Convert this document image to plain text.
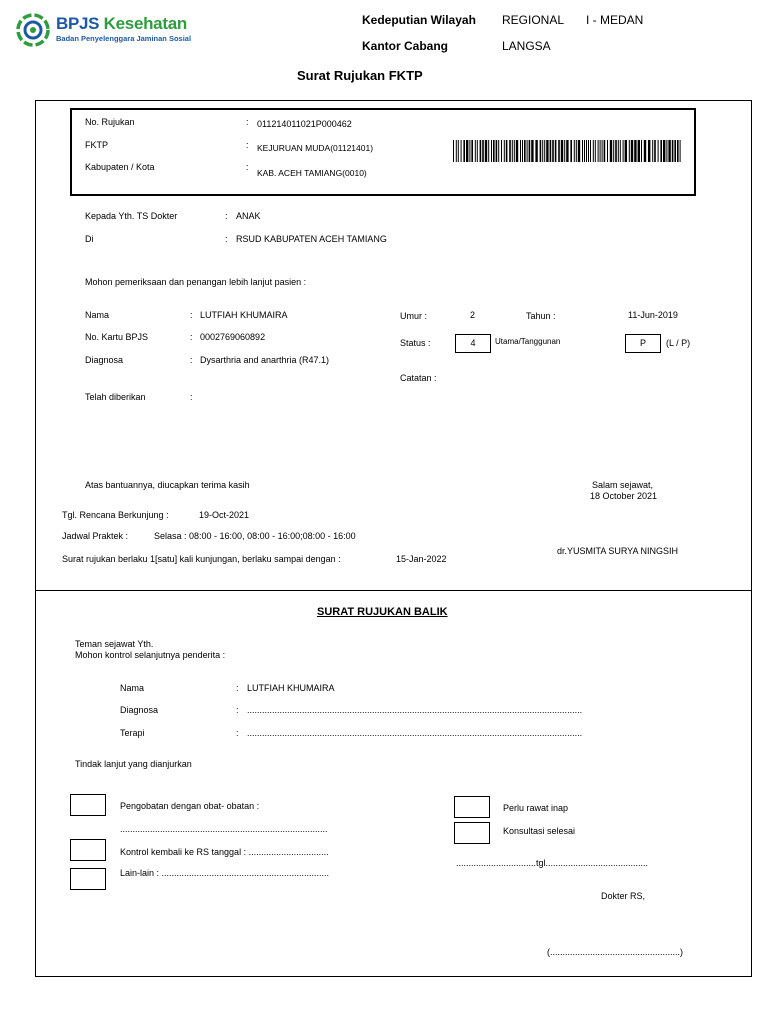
BPJS Kesehatan
Badan Penyelenggara Jaminan Sosial
Kedeputian Wilayah REGIONAL I - MEDAN
Kantor Cabang	LANGSA
Surat Rujukan FKTP
No. Rujukan	: 011214011021P000462
FKTP	: KEJURUAN MUDA(01121401)
Kabupaten / Kota	:
KAB. ACEH TAMIANG(0010)
Kepada Yth. TS Dokter	: ANAK
Di	: RSUD KABUPATEN ACEH TAMIANG
Mohon pemeriksaan dan penangan lebih lanjut pasien :
Nama	: LUTFIAH KHUMAIRA
No. Kartu BPJS	: 0002769060892
Diagnosa	: Dysarthria and anarthria (R47.1)
Telah diberikan	:
Umur :	2	Tahun :	11-Jun-2019
Status :	4	Utama/Tanggunan	P	(L / P)
Catatan :
Atas bantuannya, diucapkan terima kasih	Salam sejawat,
18 October 2021
Tgl. Rencana Berkunjung :	19-Oct-2021
Jadwal Praktek :	Selasa : 08:00 - 16:00, 08:00 - 16:00;08:00 - 16:00
Surat rujukan berlaku 1[satu] kali kunjungan, berlaku sampai dengan :	15-Jan-2022
dr.YUSMITA SURYA NINGSIH
SURAT RUJUKAN BALIK
Teman sejawat Yth.
Mohon kontrol selanjutnya penderita :
Nama	: LUTFIAH KHUMAIRA
Diagnosa	: ......................................................................................................................................
Terapi	: ......................................................................................................................................
Tindak lanjut yang dianjurkan
Pengobatan dengan obat- obatan :
...................................................................................
Kontrol kembali ke RS tanggal : ................................
Lain-lain : ...................................................................
Perlu rawat inap
Konsultasi selesai
................................tgl.........................................
Dokter RS,
(....................................................)
